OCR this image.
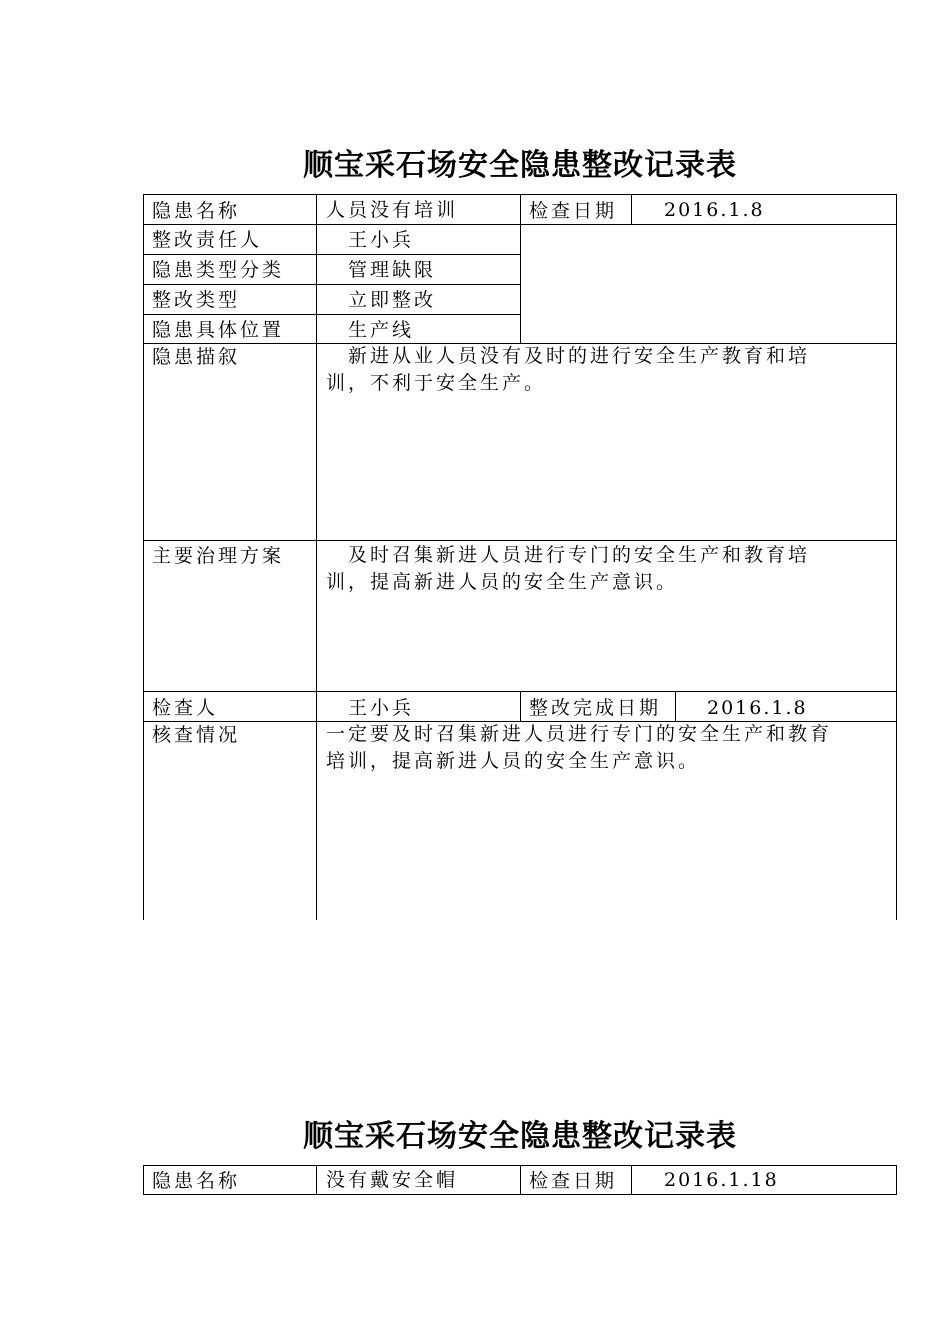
顺宝采石场安全隐患整改记录表
隐患名称	人员没有培训	检查日期 2016.1.8
整改责任人	王小兵
隐患类型分类	管理缺限
整改类型	立即整改
隐患具体位置	生产线
隐患描叙	　新进从业人员没有及时的进行安全生产教育和培
训，不利于安全生产。
主要治理方案 　及时召集新进人员进行专门的安全生产和教育培
训，提高新进人员的安全生产意识。
检查人	王小兵	整改完成日期 2016.1.8
核查情况	一定要及时召集新进人员进行专门的安全生产和教育
培训，提高新进人员的安全生产意识。
顺宝采石场安全隐患整改记录表
隐患名称	没有戴安全帽	检查日期 2016.1.18
